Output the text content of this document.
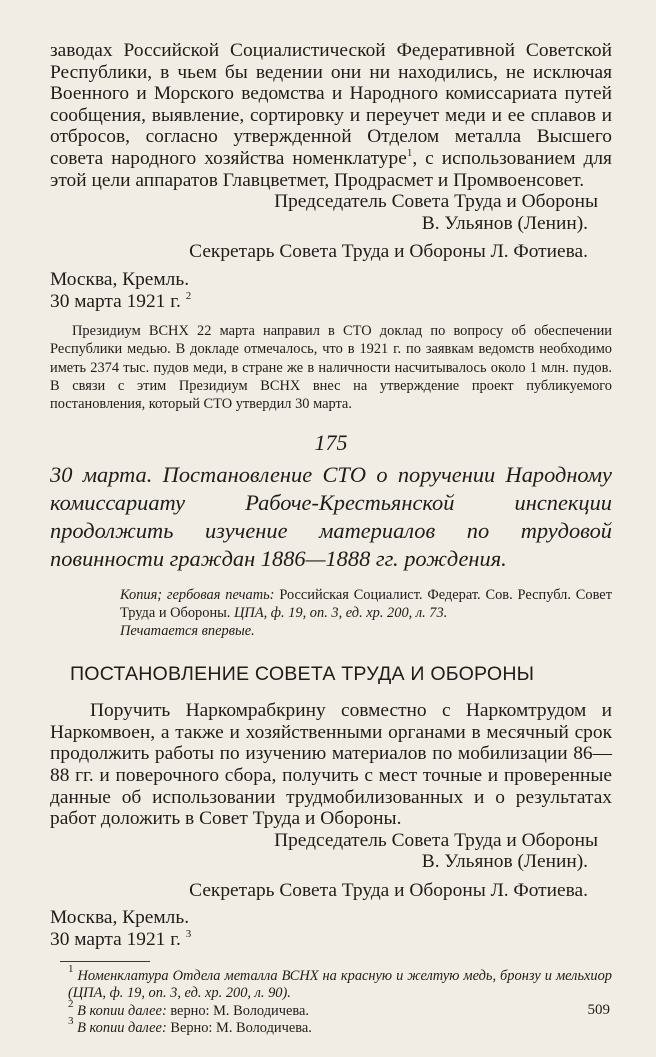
заводах Российской Социалистической Федеративной Советской Республики, в чьем бы ведении они ни находились, не исключая Военного и Морского ведомства и Народного комиссариата путей сообщения, выявление, сортировку и переучет меди и ее сплавов и отбросов, согласно утвержденной Отделом металла Высшего совета народного хозяйства номенклатуре$^1$, с использованием для этой цели аппаратов Главцветмет, Продрасмет и Промвоенсовет.

Председатель Совета Труда и Обороны
В. Ульянов (Ленин).
Секретарь Совета Труда и Обороны Л. Фотиева.
Москва, Кремль.
30 марта 1921 г. $^2$

Президиум ВСНХ 22 марта направил в СТО доклад по вопросу об обеспечении Республики медью. В докладе отмечалось, что в 1921 г. по заявкам ведомств необходимо иметь 2374 тыс. пудов меди, в стране же в наличности насчитывалось около 1 млн. пудов. В связи с этим Президиум ВСНХ внес на утверждение проект публикуемого постановления, который СТО утвердил 30 марта.

175

30 марта. Постановление СТО о поручении Народному комиссариату Рабоче-Крестьянской инспекции продолжить изучение материалов по трудовой повинности граждан 1886—1888 гг. рождения.

Копия; гербовая печать: Российская Социалист. Федерат. Сов. Республ. Совет Труда и Обороны. ЦПА, ф. 19, оп. 3, ед. хр. 200, л. 73.
Печатается впервые.

ПОСТАНОВЛЕНИЕ СОВЕТА ТРУДА И ОБОРОНЫ

Поручить Наркомрабкрину совместно с Наркомтрудом и Наркомвоен, а также и хозяйственными органами в месячный срок продолжить работы по изучению материалов по мобилизации 86—88 гг. и поверочного сбора, получить с мест точные и проверенные данные об использовании трудмобилизованных и о результатах работ доложить в Совет Труда и Обороны.

Председатель Совета Труда и Обороны
В. Ульянов (Ленин).
Секретарь Совета Труда и Обороны Л. Фотиева.
Москва, Кремль.
30 марта 1921 г. $^3$

$^1$ Номенклатура Отдела металла ВСНХ на красную и желтую медь, бронзу и мельхиор (ЦПА, ф. 19, оп. 3, ед. хр. 200, л. 90).

$^2$ В копии далее: верно: М. Володичева.

$^3$ В копии далее: Верно: М. Володичева.

509
